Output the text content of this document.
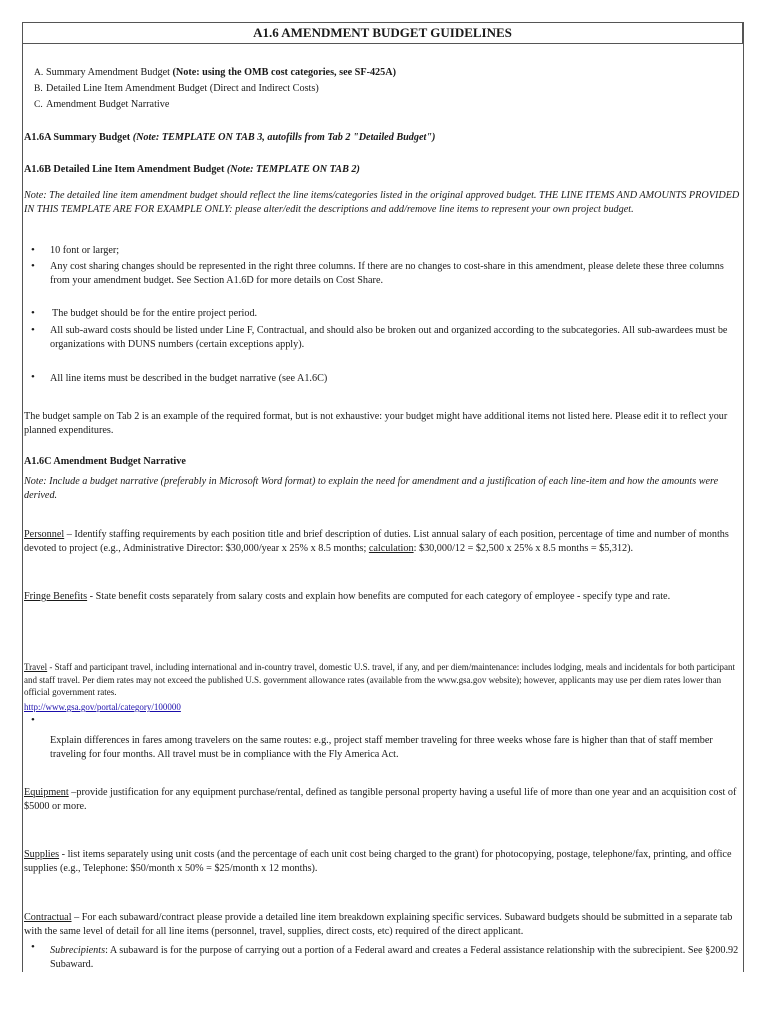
A1.6 AMENDMENT BUDGET GUIDELINES
A. Summary Amendment Budget (Note: using the OMB cost categories, see SF-425A)
B. Detailed Line Item Amendment Budget (Direct and Indirect Costs)
C. Amendment Budget Narrative
A1.6A Summary Budget (Note: TEMPLATE ON TAB 3, autofills from Tab 2 "Detailed Budget")
A1.6B Detailed Line Item Amendment Budget (Note: TEMPLATE ON TAB 2)
Note: The detailed line item amendment budget should reflect the line items/categories listed in the original approved budget. THE LINE ITEMS AND AMOUNTS PROVIDED IN THIS TEMPLATE ARE FOR EXAMPLE ONLY: please alter/edit the descriptions and add/remove line items to represent your own project budget.
• 10 font or larger;
• Any cost sharing changes should be represented in the right three columns. If there are no changes to cost-share in this amendment, please delete these three columns from your amendment budget. See Section A1.6D for more details on Cost Share.
• The budget should be for the entire project period.
• All sub-award costs should be listed under Line F, Contractual, and should also be broken out and organized according to the subcategories. All sub-awardees must be organizations with DUNS numbers (certain exceptions apply).
• All line items must be described in the budget narrative (see A1.6C)
The budget sample on Tab 2 is an example of the required format, but is not exhaustive: your budget might have additional items not listed here. Please edit it to reflect your planned expenditures.
A1.6C Amendment Budget Narrative
Note: Include a budget narrative (preferably in Microsoft Word format) to explain the need for amendment and a justification of each line-item and how the amounts were derived.
Personnel – Identify staffing requirements by each position title and brief description of duties. List annual salary of each position, percentage of time and number of months devoted to project (e.g., Administrative Director: $30,000/year x 25% x 8.5 months; calculation: $30,000/12 = $2,500 x 25% x 8.5 months = $5,312).
Fringe Benefits - State benefit costs separately from salary costs and explain how benefits are computed for each category of employee - specify type and rate.
Travel - Staff and participant travel, including international and in-country travel, domestic U.S. travel, if any, and per diem/maintenance: includes lodging, meals and incidentals for both participant and staff travel. Per diem rates may not exceed the published U.S. government allowance rates (available from the www.gsa.gov website); however, applicants may use per diem rates lower than official government rates.
http://www.gsa.gov/portal/category/100000
•
Explain differences in fares among travelers on the same routes: e.g., project staff member traveling for three weeks whose fare is higher than that of staff member traveling for four months. All travel must be in compliance with the Fly America Act.
Equipment –provide justification for any equipment purchase/rental, defined as tangible personal property having a useful life of more than one year and an acquisition cost of $5000 or more.
Supplies - list items separately using unit costs (and the percentage of each unit cost being charged to the grant) for photocopying, postage, telephone/fax, printing, and office supplies (e.g., Telephone: $50/month x 50% = $25/month x 12 months).
Contractual – For each subaward/contract please provide a detailed line item breakdown explaining specific services. Subaward budgets should be submitted in a separate tab with the same level of detail for all line items (personnel, travel, supplies, direct costs, etc) required of the direct applicant.
• Subrecipients: A subaward is for the purpose of carrying out a portion of a Federal award and creates a Federal assistance relationship with the subrecipient. See §200.92 Subaward.
